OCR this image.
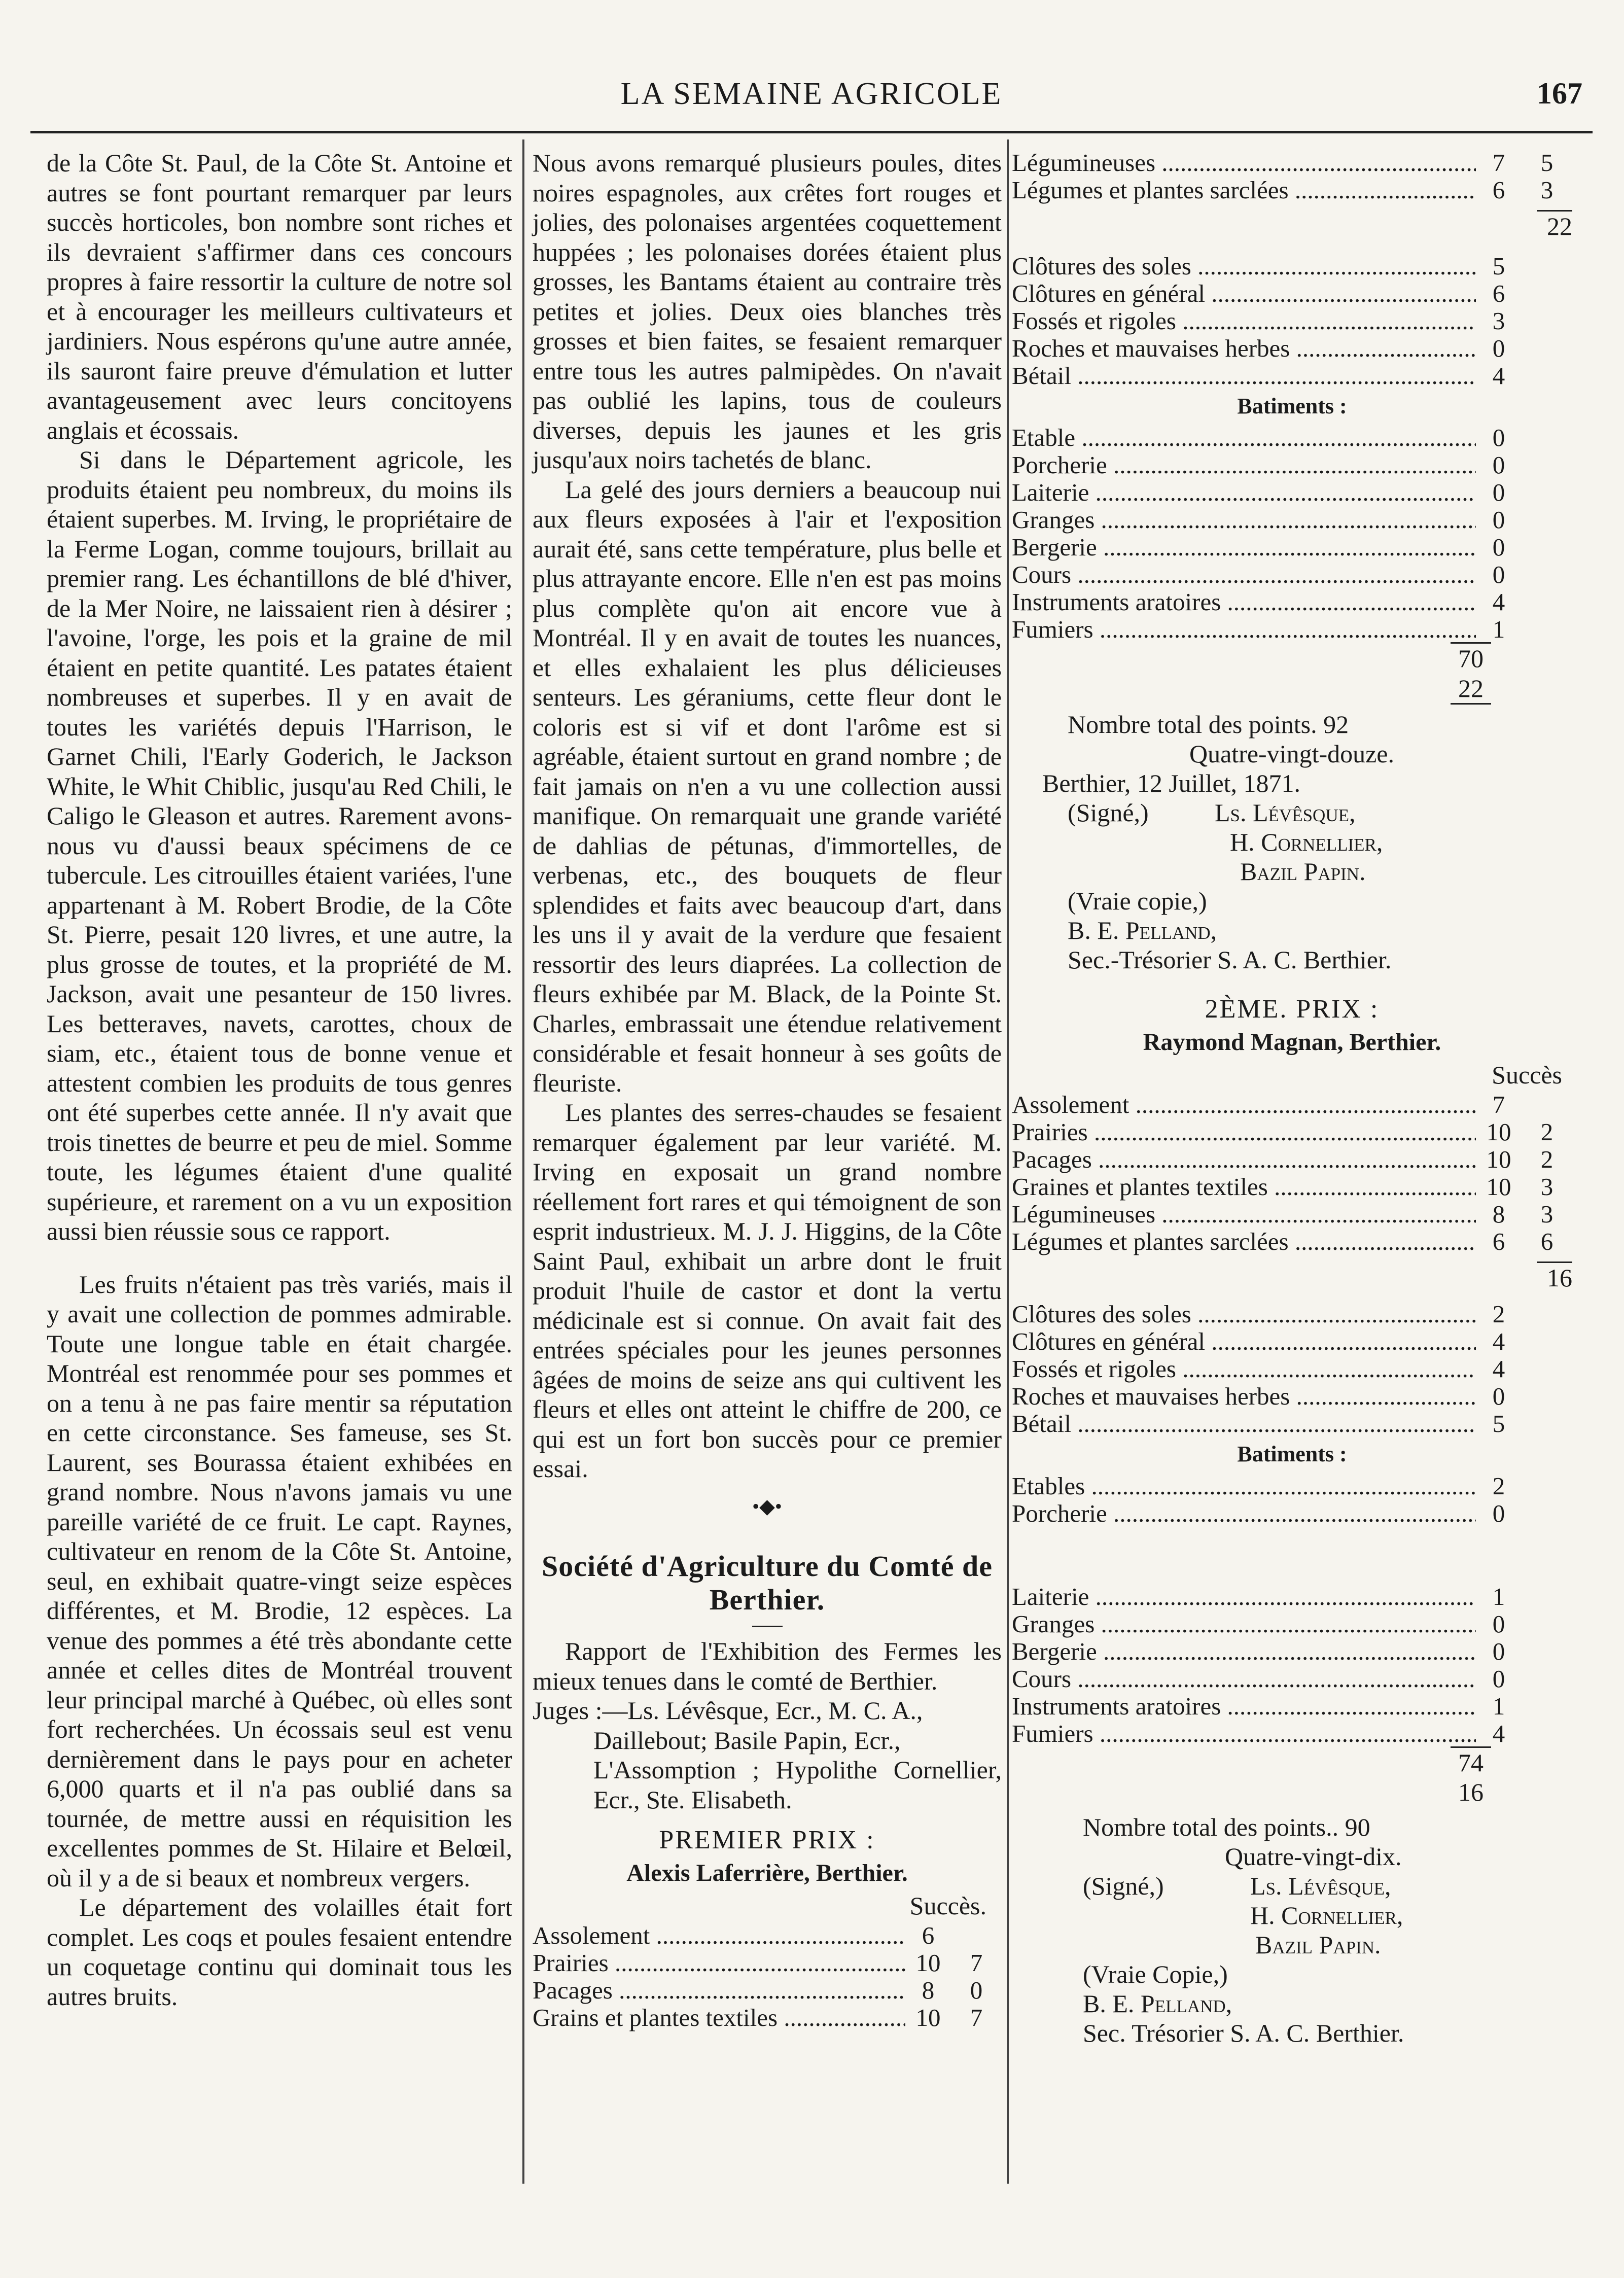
LA SEMAINE AGRICOLE	167

de la Côte St. Paul, de la Côte St. Antoine et autres se font pourtant remarquer par leurs succès horticoles, bon nombre sont riches et ils devraient s'affirmer dans ces concours propres à faire ressortir la culture de notre sol et à encourager les meilleurs cultivateurs et jardiniers. Nous espérons qu'une autre année, ils sauront faire preuve d'émulation et lutter avantageusement avec leurs concitoyens anglais et écossais.

Si dans le Département agricole, les produits étaient peu nombreux, du moins ils étaient superbes. M. Irving, le propriétaire de la Ferme Logan, comme toujours, brillait au premier rang. Les échantillons de blé d'hiver, de la Mer Noire, ne laissaient rien à désirer ; l'avoine, l'orge, les pois et la graine de mil étaient en petite quantité. Les patates étaient nombreuses et superbes. Il y en avait de toutes les variétés depuis l'Harrison, le Garnet Chili, l'Early Goderich, le Jackson White, le Whit Chiblic, jusqu'au Red Chili, le Caligo le Gleason et autres. Rarement avons-nous vu d'aussi beaux spécimens de ce tubercule. Les citrouilles étaient variées, l'une appartenant à M. Robert Brodie, de la Côte St. Pierre, pesait 120 livres, et une autre, la plus grosse de toutes, et la propriété de M. Jackson, avait une pesanteur de 150 livres. Les betteraves, navets, carottes, choux de siam, etc., étaient tous de bonne venue et attestent combien les produits de tous genres ont été superbes cette année. Il n'y avait que trois tinettes de beurre et peu de miel. Somme toute, les légumes étaient d'une qualité supérieure, et rarement on a vu un exposition aussi bien réussie sous ce rapport.

Les fruits n'étaient pas très variés, mais il y avait une collection de pommes admirable. Toute une longue table en était chargée. Montréal est renommée pour ses pommes et on a tenu à ne pas faire mentir sa réputation en cette circonstance. Ses fameuse, ses St. Laurent, ses Bourassa étaient exhibées en grand nombre. Nous n'avons jamais vu une pareille variété de ce fruit. Le capt. Raynes, cultivateur en renom de la Côte St. Antoine, seul, en exhibait quatre-vingt seize espèces différentes, et M. Brodie, 12 espèces. La venue des pommes a été très abondante cette année et celles dites de Montréal trouvent leur principal marché à Québec, où elles sont fort recherchées. Un écossais seul est venu dernièrement dans le pays pour en acheter 6,000 quarts et il n'a pas oublié dans sa tournée, de mettre aussi en réquisition les excellentes pommes de St. Hilaire et Belœil, où il y a de si beaux et nombreux vergers.

Le département des volailles était fort complet. Les coqs et poules fesaient entendre un coquetage continu qui dominait tous les autres bruits.

Nous avons remarqué plusieurs poules, dites noires espagnoles, aux crêtes fort rouges et jolies, des polonaises argentées coquettement huppées ; les polonaises dorées étaient plus grosses, les Bantams étaient au contraire très petites et jolies. Deux oies blanches très grosses et bien faites, se fesaient remarquer entre tous les autres palmipèdes. On n'avait pas oublié les lapins, tous de couleurs diverses, depuis les jaunes et les gris jusqu'aux noirs tachetés de blanc.

La gelé des jours derniers a beaucoup nui aux fleurs exposées à l'air et l'exposition aurait été, sans cette température, plus belle et plus attrayante encore. Elle n'en est pas moins plus complète qu'on ait encore vue à Montréal. Il y en avait de toutes les nuances, et elles exhalaient les plus délicieuses senteurs. Les géraniums, cette fleur dont le coloris est si vif et dont l'arôme est si agréable, étaient surtout en grand nombre ; de fait jamais on n'en a vu une collection aussi manifique. On remarquait une grande variété de dahlias de pétunas, d'immortelles, de verbenas, etc., des bouquets de fleur splendides et faits avec beaucoup d'art, dans les uns il y avait de la verdure que fesaient ressortir des leurs diaprées. La collection de fleurs exhibée par M. Black, de la Pointe St. Charles, embrassait une étendue relativement considérable et fesait honneur à ses goûts de fleuriste.

Les plantes des serres-chaudes se fesaient remarquer également par leur variété. M. Irving en exposait un grand nombre réellement fort rares et qui témoignent de son esprit industrieux. M. J. J. Higgins, de la Côte Saint Paul, exhibait un arbre dont le fruit produit l'huile de castor et dont la vertu médicinale est si connue. On avait fait des entrées spéciales pour les jeunes personnes âgées de moins de seize ans qui cultivent les fleurs et elles ont atteint le chiffre de 200, ce qui est un fort bon succès pour ce premier essai.

•◆•
Société d'Agriculture du Comté de Berthier.

Rapport de l'Exhibition des Fermes les mieux tenues dans le comté de Berthier.

Juges :—Ls. Lévêsque, Ecr., M. C. A.,
Daillebout; Basile Papin, Ecr.,
L'Assomption ; Hypolithe Cornellier, Ecr., Ste. Elisabeth.
PREMIER PRIX :
Alexis Laferrière, Berthier.
Succès.
Assolement .....	6
Prairies .....	10	7
Pacages .....	8	0
Grains et plantes textiles .....	10	7
Légumineuses .....	7	5
Légumes et plantes sarclées .....	6	3
22
Clôtures des soles .....	5
Clôtures en général .....	6
Fossés et rigoles .....	3
Roches et mauvaises herbes .....	0
Bétail .....	4
Batiments :
Etable .....	0
Porcherie .....	0
Laiterie .....	0
Granges .....	0
Bergerie .....	0
Cours .....	0
Instruments aratoires .....	4
Fumiers .....	1
70
22
Nombre total des points. 92
Quatre-vingt-douze.
Berthier, 12 Juillet, 1871.
(Signé,)	Ls. Lévêsque,
H. Cornellier,
Bazil Papin.
(Vraie copie,)
B. E. Pelland,
Sec.-Trésorier S. A. C. Berthier.
2ÈME. PRIX :
Raymond Magnan, Berthier.
Succès
Assolement .....	7
Prairies .....	10	2
Pacages .....	10	2
Graines et plantes textiles .....	10	3
Légumineuses .....	8	3
Légumes et plantes sarclées .....	6	6
16
Clôtures des soles .....	2
Clôtures en général .....	4
Fossés et rigoles .....	4
Roches et mauvaises herbes .....	0
Bétail .....	5
Batiments :
Etables .....	2
Porcherie .....	0
Laiterie .....	1
Granges .....	0
Bergerie .....	0
Cours .....	0
Instruments aratoires .....	1
Fumiers .....	4
74
16
Nombre total des points.. 90
Quatre-vingt-dix.
(Signé,)	Ls. Lévêsque,
H. Cornellier,
Bazil Papin.
(Vraie Copie,)
B. E. Pelland,
Sec. Trésorier S. A. C. Berthier.
